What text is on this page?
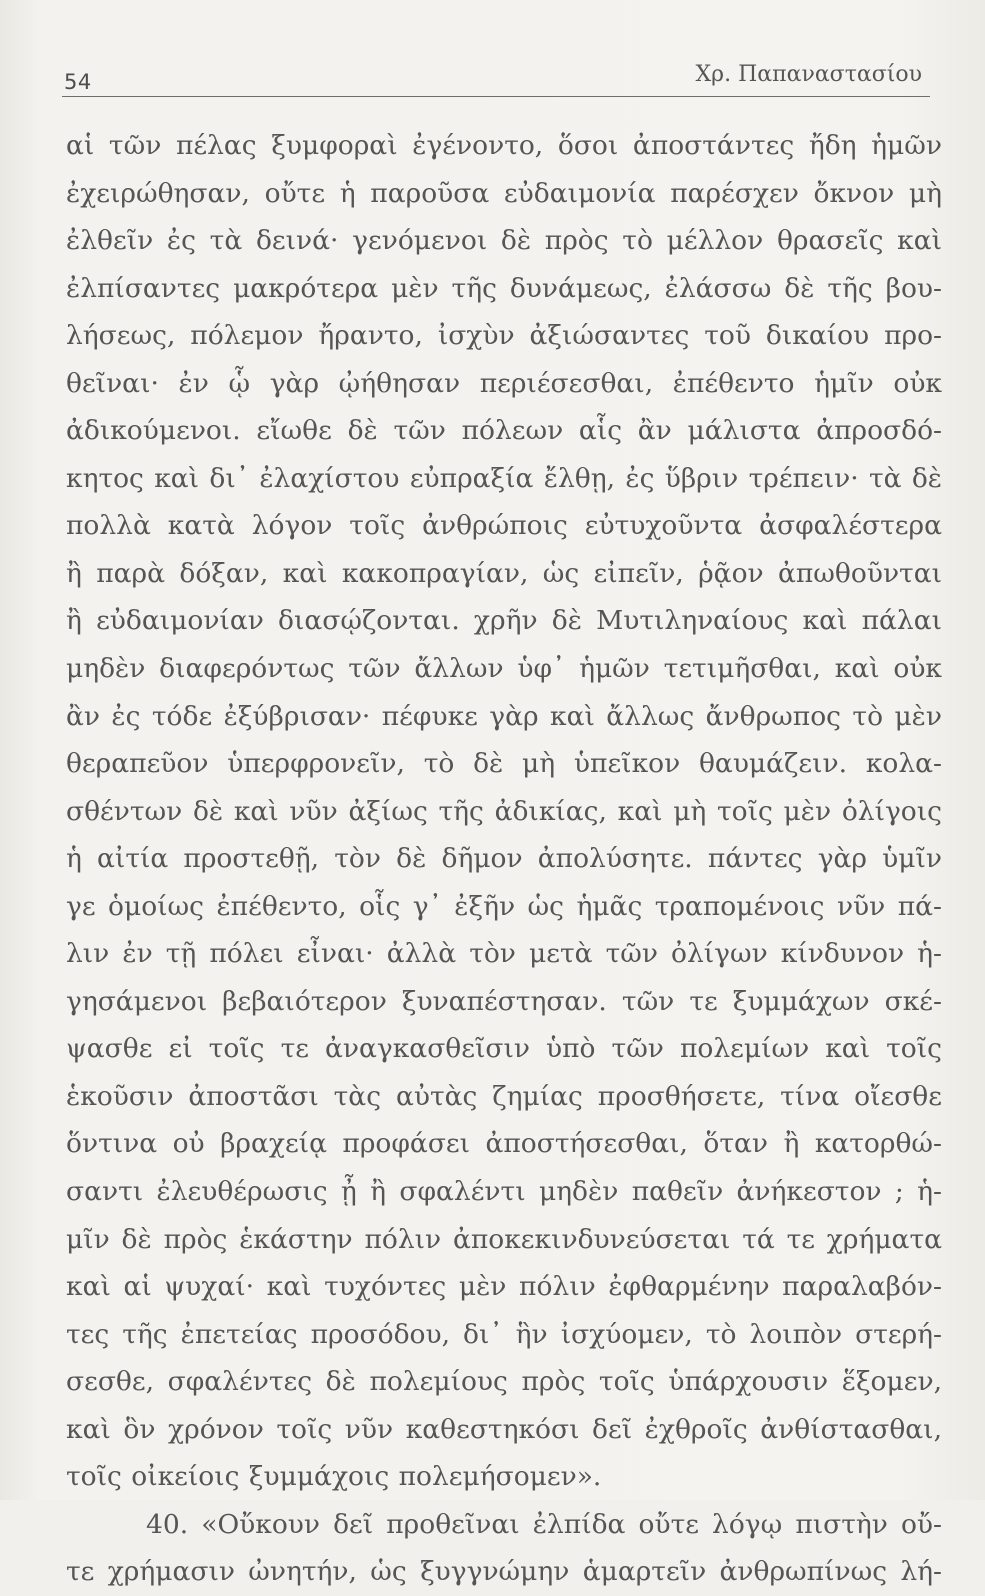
54	Χρ. Παπαναστασίου
αἱ τῶν πέλας ξυμφοραὶ ἐγένοντο, ὅσοι ἀποστάντες ἤδη ἡμῶν
ἐχειρώθησαν, οὔτε ἡ παροῦσα εὐδαιμονία παρέσχεν ὄκνον μὴ
ἐλθεῖν ἐς τὰ δεινά· γενόμενοι δὲ πρὸς τὸ μέλλον θρασεῖς καὶ
ἐλπίσαντες μακρότερα μὲν τῆς δυνάμεως, ἐλάσσω δὲ τῆς βου-
λήσεως, πόλεμον ἤραντο, ἰσχὺν ἀξιώσαντες τοῦ δικαίου προ-
θεῖναι· ἐν ᾧ γὰρ ᾠήθησαν περιέσεσθαι, ἐπέθεντο ἡμῖν οὐκ
ἀδικούμενοι. εἴωθε δὲ τῶν πόλεων αἷς ἂν μάλιστα ἀπροσδό-
κητος καὶ δι᾽ ἐλαχίστου εὐπραξία ἔλθῃ, ἐς ὕβριν τρέπειν· τὰ δὲ
πολλὰ κατὰ λόγον τοῖς ἀνθρώποις εὐτυχοῦντα ἀσφαλέστερα
ἢ παρὰ δόξαν, καὶ κακοπραγίαν, ὡς εἰπεῖν, ῥᾷον ἀπωθοῦνται
ἢ εὐδαιμονίαν διασῴζονται. χρῆν δὲ Μυτιληναίους καὶ πάλαι
μηδὲν διαφερόντως τῶν ἄλλων ὑφ᾽ ἡμῶν τετιμῆσθαι, καὶ οὐκ
ἂν ἐς τόδε ἐξύβρισαν· πέφυκε γὰρ καὶ ἄλλως ἄνθρωπος τὸ μὲν
θεραπεῦον ὑπερφρονεῖν, τὸ δὲ μὴ ὑπεῖκον θαυμάζειν. κολα-
σθέντων δὲ καὶ νῦν ἀξίως τῆς ἀδικίας, καὶ μὴ τοῖς μὲν ὀλίγοις
ἡ αἰτία προστεθῇ, τὸν δὲ δῆμον ἀπολύσητε. πάντες γὰρ ὑμῖν
γε ὁμοίως ἐπέθεντο, οἷς γ᾽ ἐξῆν ὡς ἡμᾶς τραπομένοις νῦν πά-
λιν ἐν τῇ πόλει εἶναι· ἀλλὰ τὸν μετὰ τῶν ὀλίγων κίνδυνον ἡ-
γησάμενοι βεβαιότερον ξυναπέστησαν. τῶν τε ξυμμάχων σκέ-
ψασθε εἰ τοῖς τε ἀναγκασθεῖσιν ὑπὸ τῶν πολεμίων καὶ τοῖς
ἑκοῦσιν ἀποστᾶσι τὰς αὐτὰς ζημίας προσθήσετε, τίνα οἴεσθε
ὅντινα οὐ βραχείᾳ προφάσει ἀποστήσεσθαι, ὅταν ἢ κατορθώ-
σαντι ἐλευθέρωσις ᾖ ἢ σφαλέντι μηδὲν παθεῖν ἀνήκεστον ; ἡ-
μῖν δὲ πρὸς ἑκάστην πόλιν ἀποκεκινδυνεύσεται τά τε χρήματα
καὶ αἱ ψυχαί· καὶ τυχόντες μὲν πόλιν ἐφθαρμένην παραλαβόν-
τες τῆς ἐπετείας προσόδου, δι᾽ ἣν ἰσχύομεν, τὸ λοιπὸν στερή-
σεσθε, σφαλέντες δὲ πολεμίους πρὸς τοῖς ὑπάρχουσιν ἕξομεν,
καὶ ὃν χρόνον τοῖς νῦν καθεστηκόσι δεῖ ἐχθροῖς ἀνθίστασθαι,
τοῖς οἰκείοις ξυμμάχοις πολεμήσομεν».
40. «Οὔκουν δεῖ προθεῖναι ἐλπίδα οὔτε λόγῳ πιστὴν οὔ-
τε χρήμασιν ὠνητήν, ὡς ξυγγνώμην ἁμαρτεῖν ἀνθρωπίνως λή-
